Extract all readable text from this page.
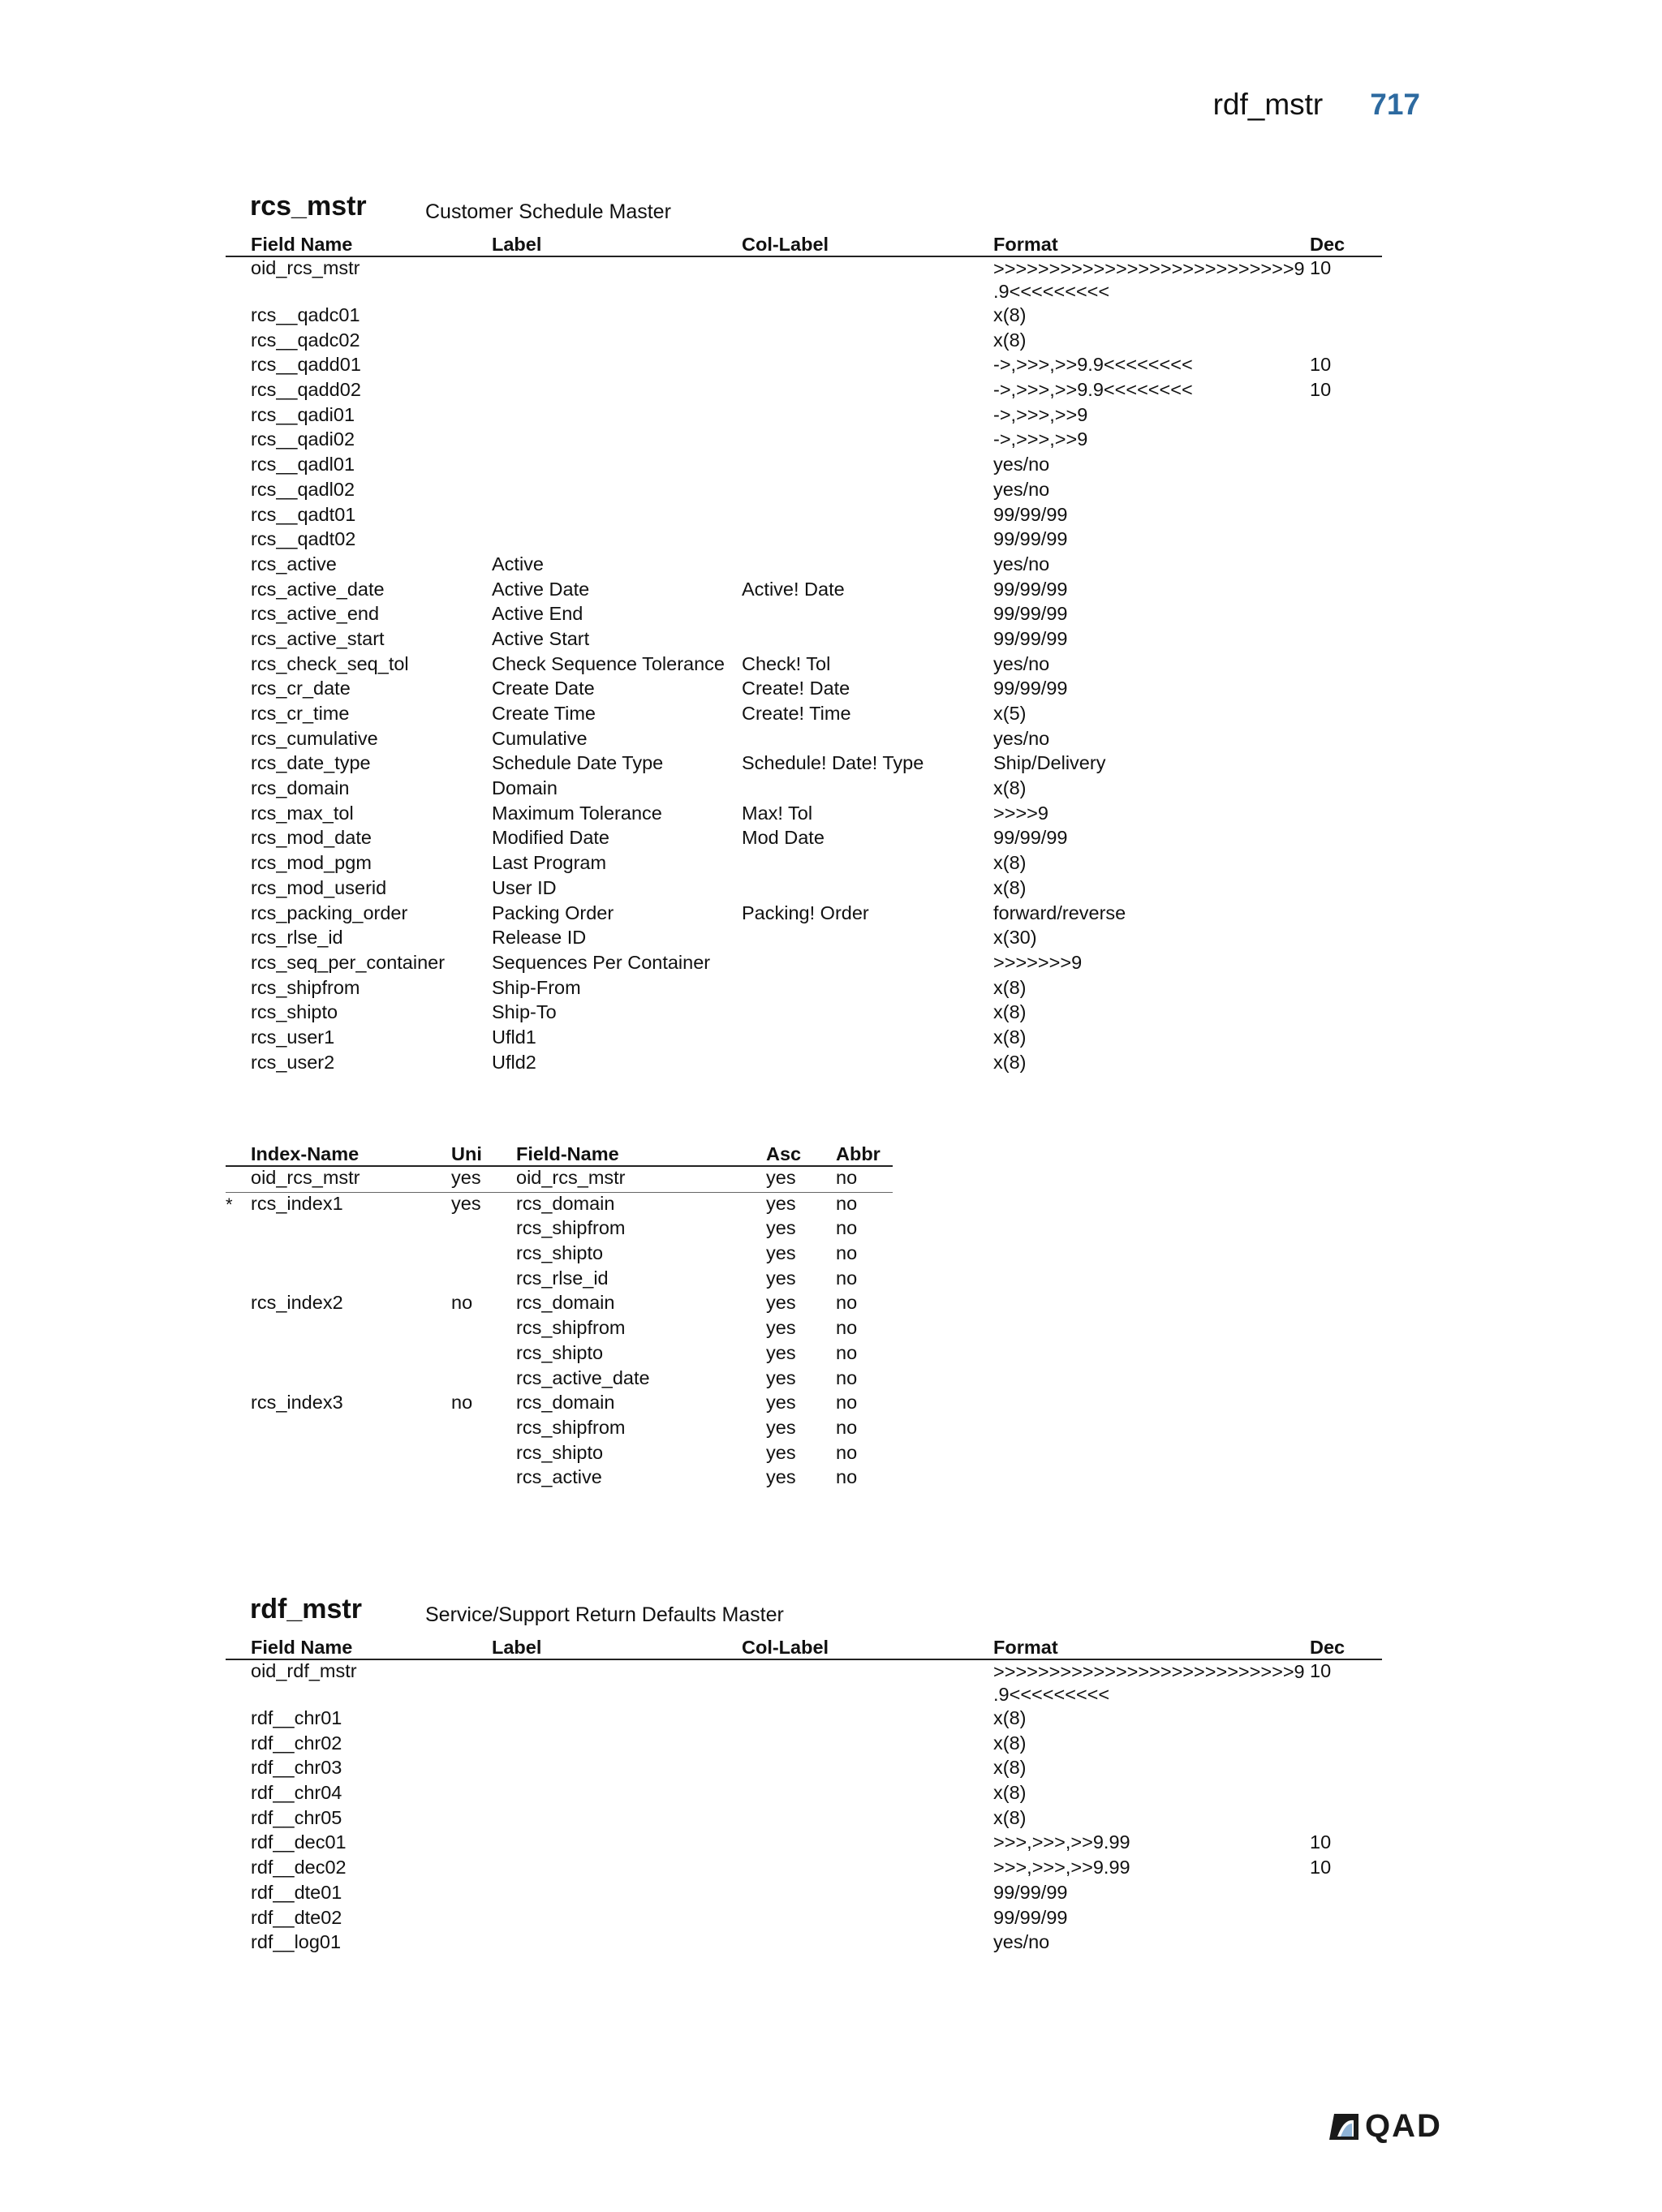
rdf_mstr 717
rcs_mstr	Customer Schedule Master
Field Name	Label	Col-Label	Format	Dec
oid_rcs_mstr			>>>>>>>>>>>>>>>>>>>>>>>>>>>9
.9<<<<<<<<<	10
rcs__qadc01			x(8)	
rcs__qadc02			x(8)	
rcs__qadd01			->,>>>,>>9.9<<<<<<<<	10
rcs__qadd02			->,>>>,>>9.9<<<<<<<<	10
rcs__qadi01			->,>>>,>>9	
rcs__qadi02			->,>>>,>>9	
rcs__qadl01			yes/no	
rcs__qadl02			yes/no	
rcs__qadt01			99/99/99	
rcs__qadt02			99/99/99	
rcs_active	Active		yes/no	
rcs_active_date	Active Date	Active! Date	99/99/99	
rcs_active_end	Active End		99/99/99	
rcs_active_start	Active Start		99/99/99	
rcs_check_seq_tol	Check Sequence Tolerance	Check! Tol	yes/no	
rcs_cr_date	Create Date	Create! Date	99/99/99	
rcs_cr_time	Create Time	Create! Time	x(5)	
rcs_cumulative	Cumulative		yes/no	
rcs_date_type	Schedule Date Type	Schedule! Date! Type	Ship/Delivery	
rcs_domain	Domain		x(8)	
rcs_max_tol	Maximum Tolerance	Max! Tol	>>>>9	
rcs_mod_date	Modified Date	Mod Date	99/99/99	
rcs_mod_pgm	Last Program		x(8)	
rcs_mod_userid	User ID		x(8)	
rcs_packing_order	Packing Order	Packing! Order	forward/reverse	
rcs_rlse_id	Release ID		x(30)	
rcs_seq_per_container	Sequences Per Container		>>>>>>>9	
rcs_shipfrom	Ship-From		x(8)	
rcs_shipto	Ship-To		x(8)	
rcs_user1	Ufld1		x(8)	
rcs_user2	Ufld2		x(8)	
Index-Name	Uni	Field-Name	Asc	Abbr
oid_rcs_mstr	yes	oid_rcs_mstr	yes	no

* rcs_index1	yes	rcs_domain	yes	no
		rcs_shipfrom	yes	no
		rcs_shipto	yes	no
		rcs_rlse_id	yes	no
rcs_index2	no	rcs_domain	yes	no
		rcs_shipfrom	yes	no
		rcs_shipto	yes	no
		rcs_active_date	yes	no
rcs_index3	no	rcs_domain	yes	no
		rcs_shipfrom	yes	no
		rcs_shipto	yes	no
		rcs_active	yes	no
rdf_mstr	Service/Support Return Defaults Master
Field Name	Label	Col-Label	Format	Dec
oid_rdf_mstr			>>>>>>>>>>>>>>>>>>>>>>>>>>>9
.9<<<<<<<<<	10
rdf__chr01			x(8)	
rdf__chr02			x(8)	
rdf__chr03			x(8)	
rdf__chr04			x(8)	
rdf__chr05			x(8)	
rdf__dec01			>>>,>>>,>>9.99	10
rdf__dec02			>>>,>>>,>>9.99	10
rdf__dte01			99/99/99	
rdf__dte02			99/99/99	
rdf__log01			yes/no	
QAD
